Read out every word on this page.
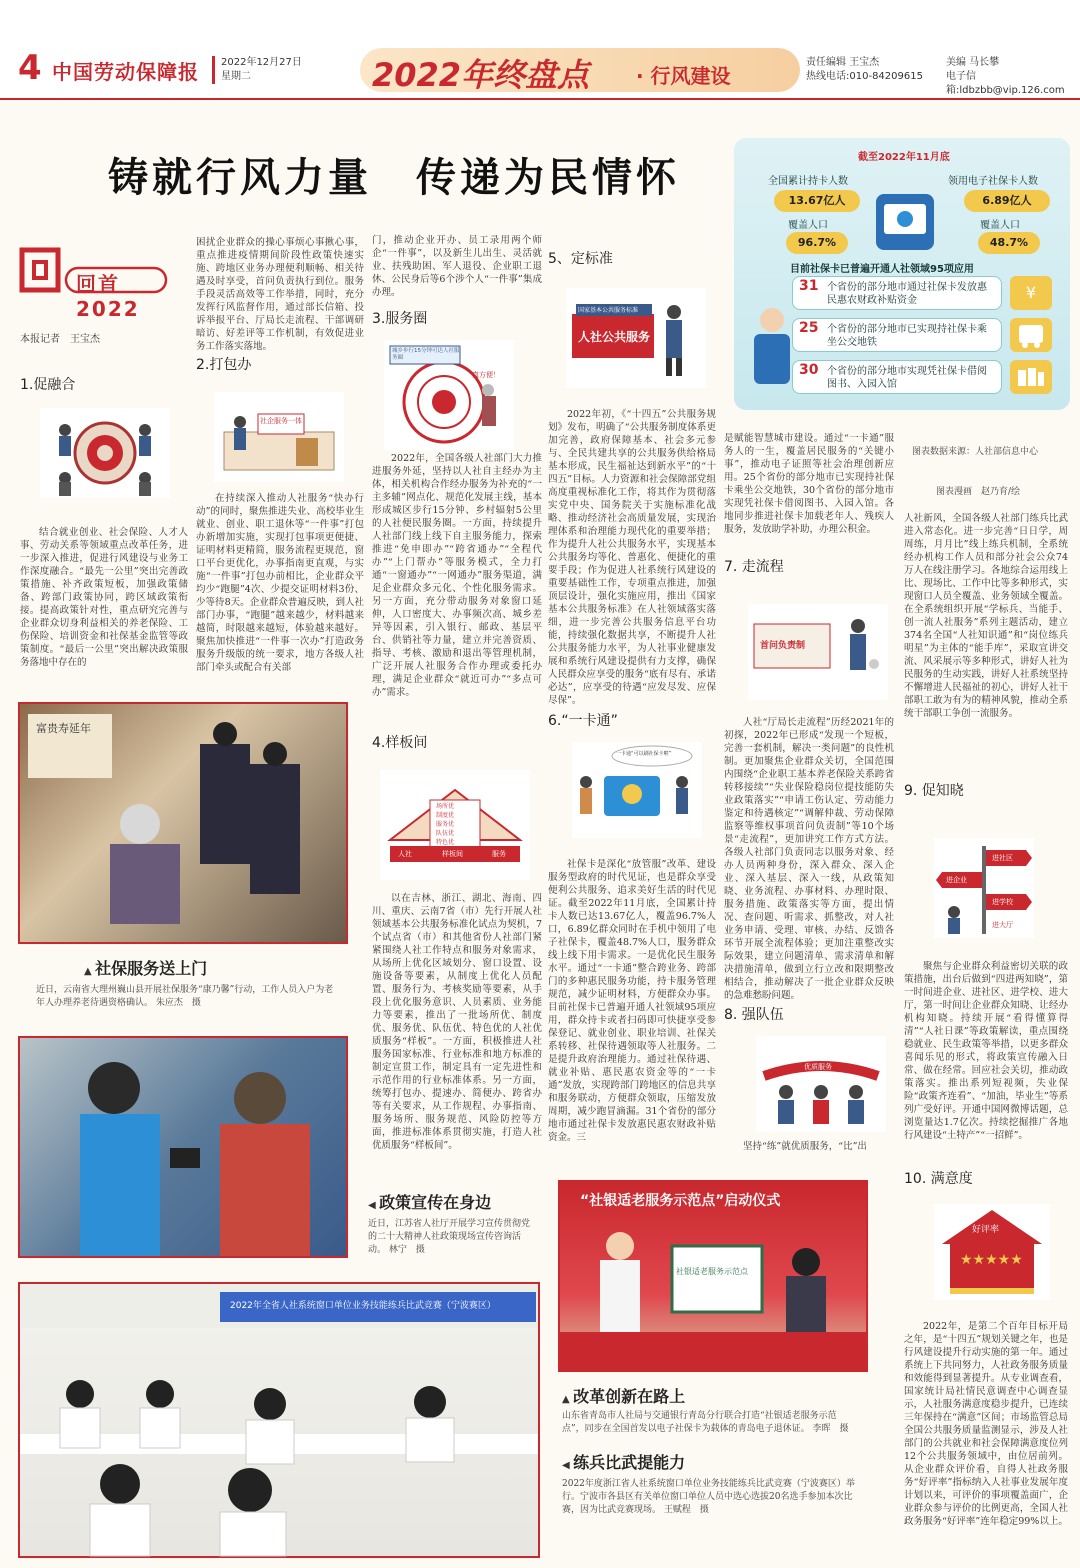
4 中国劳动保障报 2022年12月27日
星期二	2022年终盘点 · 行风建设
责任编辑 王宝杰	美编 马长攀
热线电话:010-84209615	电子信箱:ldbzbb@vip.126.com
铸就行风力量　传递为民情怀
回首2022
本报记者　王宝杰
1.促融合

结合就业创业、社会保险、人才人事、劳动关系等领域重点改革任务，进一步深入推进，促进行风建设与业务工作深度融合。“最先一公里”突出完善政策措施、补齐政策短板，加强政策储备、跨部门政策协同，跨区域政策衔接。提高政策针对性，重点研究完善与企业群众切身利益相关的养老保险、工伤保险、培训资金和社保基金监管等政策制度。“最后一公里”突出解决政策服务落地中存在的

困扰企业群众的操心事烦心事揪心事，重点推进疫情期间阶段性政策快速实施、跨地区业务办理便利顺畅、相关待遇及时享受，首问负责执行到位。服务手段灵活高效等工作举措，同时，充分发挥行风监督作用，通过部长信箱、投诉举报平台、厅局长走流程、干部调研暗访、好差评等工作机制，有效促进业务工作落实落地。

2.打包办
社企服务一体

在持续深入推动人社服务“快办行动”的同时，聚焦推进失业、高校毕业生就业、创业、职工退休等“一件事”打包办新增加实施，实现打包事项更便捷、证明材料更精简，服务流程更规范，窗口平台更优化，办事指南更直观，与实施“一件事”打包办前相比，企业群众平均少“跑腿”4次、少提交证明材料3份、少等待8天。企业群众普遍反映，到人社部门办事，“跑腿”越来越少，材料越来越简，时限越来越短，体验越来越好。聚焦加快推进“一件事一次办”打造政务服务升级版的统一要求，地方各级人社部门牵头或配合有关部

门，推动企业开办、员工录用两个师企“一件事”，以及新生儿出生、灵活就业、扶残助困、军人退役、企业职工退休、公民身后等6个涉个人“一件事”集成办理。

3.服务圈
城乡步行15分钟可达人社服务圈
真方便！

2022年，全国各级人社部门大力推进服务外延，坚持以人社自主经办为主体，相关机构合作经办服务为补充的“一主多辅”网点化、规范化发展主线，基本形成城区步行15分钟、乡村辐射5公里的人社便民服务圈。一方面，持续提升人社部门线上线下自主服务能力，探索推进“免申即办”“跨省通办”“全程代办”“上门帮办”等服务模式，全力打通“一窗通办”“一网通办”服务渠道，满足企业群众多元化、个性化服务需求。另一方面，充分带动服务对象窗口延伸，人口密度大、办事频次高、城乡差异等因素，引入银行、邮政、基层平台、供销社等力量，建立并完善资质、指导、考核、激励和退出等管理机制，广泛开展人社服务合作办理或委托办理，满足企业群众“就近可办”“多点可办”需求。

4.样板间
场所优
制度优
服务优
队伍优
特色优
人社	样板间	服务

以在吉林、浙江、湖北、海南、四川、重庆、云南7省（市）先行开展人社领域基本公共服务标准化试点为契机，7个试点省（市）和其他省份人社部门紧紧围绕人社工作特点和服务对象需求，从场所上优化区域划分、窗口设置、设施设备等要素，从制度上优化人员配置、服务行为、考核奖励等要素，从手段上优化服务意识、人员素质、业务能力等要素，推出了一批场所优、制度优、服务优、队伍优、特色优的人社优质服务“样板”。一方面，积极推进人社服务国家标准、行业标准和地方标准的制定宣贯工作，制定具有一定先进性和示范作用的行业标准体系。另一方面，统筹打包办、提速办、简便办、跨省办等有关要求，从工作规程、办事指南、服务场所、服务规范、风险防控等方面，推进标准体系贯彻实施，打造人社优质服务“样板间”。

5、定标准
国家基本公共服务标准
人社公共服务

2022年初，《“十四五”公共服务规划》发布，明确了“公共服务制度体系更加完善，政府保障基本、社会多元参与、全民共建共享的公共服务供给格局基本形成，民生福祉达到新水平”的“十四五”目标。人力资源和社会保障部党组高度重视标准化工作，将其作为贯彻落实党中央、国务院关于实施标准化战略、推动经济社会高质量发展，实现治理体系和治理能力现代化的重要举措；作为提升人社公共服务水平，实现基本公共服务均等化、普惠化、便捷化的重要手段；作为促进人社系统行风建设的重要基础性工作，专项重点推进，加强顶层设计，强化实施应用，推出《国家基本公共服务标准》在人社领域落实落细，进一步完善公共服务信息平台功能，持续强化数据共享，不断提升人社公共服务能力水平，为人社事业健康发展和系统行风建设提供有力支撑，确保人民群众应享受的服务“底有尽有、承诺必达”，应享受的待遇“应发尽发、应保尽保”。

6.“一卡通”
一卡通“可以刷社保卡啦”

社保卡是深化“放管服”改革、建设服务型政府的时代见证，也是群众享受便利公共服务、追求美好生活的时代见证。截至2022年11月底，全国累计持卡人数已达13.67亿人，覆盖96.7%人口，6.89亿群众同时在手机中领用了电子社保卡，覆盖48.7%人口，服务群众线上线下用卡需求。一是优化民生服务水平。通过“一卡通”整合跨业务、跨部门的多种惠民服务功能，持卡服务管理规范，减少证明材料，方便群众办事。目前社保卡已普遍开通人社领域95项应用，群众持卡或者扫码即可快捷享受参保登记、就业创业、职业培训、社保关系转移、社保待遇领取等人社服务。二是提升政府治理能力。通过社保待遇、就业补贴、惠民惠农资金等的“一卡通”发放，实现跨部门跨地区的信息共享和服务联动，方便群众领取，压缩发放周期，减少跑冒滴漏。31个省份的部分地市通过社保卡发放惠民惠农财政补贴资金。三

是赋能智慧城市建设。通过“一卡通”服务人的一生，覆盖居民服务的“关键小事”，推动电子证照等社会治理创新应用。25个省份的部分地市已实现持社保卡乘坐公交地铁，30个省份的部分地市实现凭社保卡借阅图书、入园入馆。各地同步推进社保卡加载老年人、残疾人服务，发放助学补助，办理公积金。

7. 走流程
首问负责制

人社“厅局长走流程”历经2021年的初探，2022年已形成“发现一个短板，完善一套机制，解决一类问题”的良性机制。更加聚焦企业群众关切，全国范围内围绕“企业职工基本养老保险关系跨省转移接续”“失业保险稳岗位提技能防失业政策落实”“申请工伤认定、劳动能力鉴定和待遇核定”“调解仲裁、劳动保障监察等维权事项首问负责制”等10个场景“走流程”，更加讲究工作方式方法。各级人社部门负责同志以服务对象、经办人员两种身份，深入群众、深入企业、深入基层、深入一线，从政策知晓、业务流程、办事材料、办理时限、服务措施、政策落实等方面，提出情况、查问题、听需求、抓整改，对人社业务申请、受理、审核、办结、反馈各环节开展全流程体验；更加注重整改实际效果，建立问题清单、需求清单和解决措施清单，做到立行立改和限期整改相结合，推动解决了一批企业群众反映的急难愁盼问题。

8. 强队伍
优质服务

坚持“练”就优质服务，“比”出

截至2022年11月底
全国累计持卡人数
13.67亿人
覆盖人口
96.7%
领用电子社保卡人数
6.89亿人
覆盖人口
48.7%
目前社保卡已普遍开通人社领域95项应用
31 个省份的部分地市通过社保卡发放惠民惠农财政补贴资金	¥
25 个省份的部分地市已实现持社保卡乘坐公交地铁
30 个省份的部分地市实现凭社保卡借阅图书、入园入馆
图表数据来源：人社部信息中心
图表漫画　赵乃育/绘

人社新风，全国各级人社部门练兵比武进入常态化。进一步完善“日日学，周周练，月月比”线上练兵机制，全系统经办机构工作人员和部分社会公众74万人在线注册学习。各地综合运用线上比、现场比、工作中比等多种形式，实现窗口人员全覆盖、业务领域全覆盖。在全系统组织开展“学标兵、当能手、创一流人社服务”系列主题活动，建立374名全国“人社知识通”和“岗位练兵明星”为主体的“能手库”，采取宣讲交流、风采展示等多种形式，讲好人社为民服务的生动实践，讲好人社系统坚持不懈增进人民福祉的初心，讲好人社干部职工敢为有为的精神风貌，推动全系统干部职工争创一流服务。

9. 促知晓
进社区
进企业
进学校
进大厅

聚焦与企业群众利益密切关联的政策措施，出台后做到“四进两知晓”，第一时间进企业、进社区、进学校、进大厅，第一时间让企业群众知晓、让经办机构知晓。持续开展“看得懂算得清”“人社日课”等政策解读，重点围绕稳就业、民生政策等举措，以更多群众喜闻乐见的形式，将政策宣传融入日常、做在经常。回应社会关切，推动政策落实。推出系列短视频，失业保险“政策齐连看”、“加油，毕业生”等系列广受好评。开通中国网微博话题，总浏览量达1.7亿次。持续挖掘推广各地行风建设“土特产”“一招鲜”。

10. 满意度
好评率
★★★★★

2022年，是第二个百年目标开局之年，是“十四五”规划关键之年，也是行风建设提升行动实施的第一年。通过系统上下共同努力，人社政务服务质量和效能得到显著提升。从专业调查看，国家统计局社情民意调查中心调查显示，人社服务满意度稳步提升，已连续三年保持在“满意”区间；市场监管总局全国公共服务质量监测显示，涉及人社部门的公共就业和社会保障满意度位列12个公共服务领域中，由位居前列。从企业群众评价看，自得人社政务服务“好评率”指标纳入人社事业发展年度计划以来，可评价的事项覆盖面广，企业群众参与评价的比例更高，全国人社政务服务“好评率”连年稳定99%以上。

富贵寿延年
▲ 社保服务送上门
近日，云南省大理州巍山县开展社保服务“康乃馨”行动，工作人员入户为老年人办理养老待遇资格确认。 朱应杰　摄
◀ 政策宣传在身边
近日，江苏省人社厅开展学习宣传贯彻党的二十大精神人社政策现场宣传咨询活动。 林宁　摄
“社银适老服务示范点”启动仪式
社银适老服务示范点
▲ 改革创新在路上
山东省青岛市人社局与交通银行青岛分行联合打造“社银适老服务示范点”，同步在全国首发以电子社保卡为载体的青岛电子退休证。 李晖　摄
2022年全省人社系统窗口单位业务技能练兵比武竞赛（宁波赛区）
◀ 练兵比武提能力
2022年度浙江省人社系统窗口单位业务技能练兵比武竞赛（宁波赛区）举行。宁波市各县区有关单位窗口单位人员中选心选拔20名选手参加本次比赛，因为比武竞赛现场。 王赋程　摄
